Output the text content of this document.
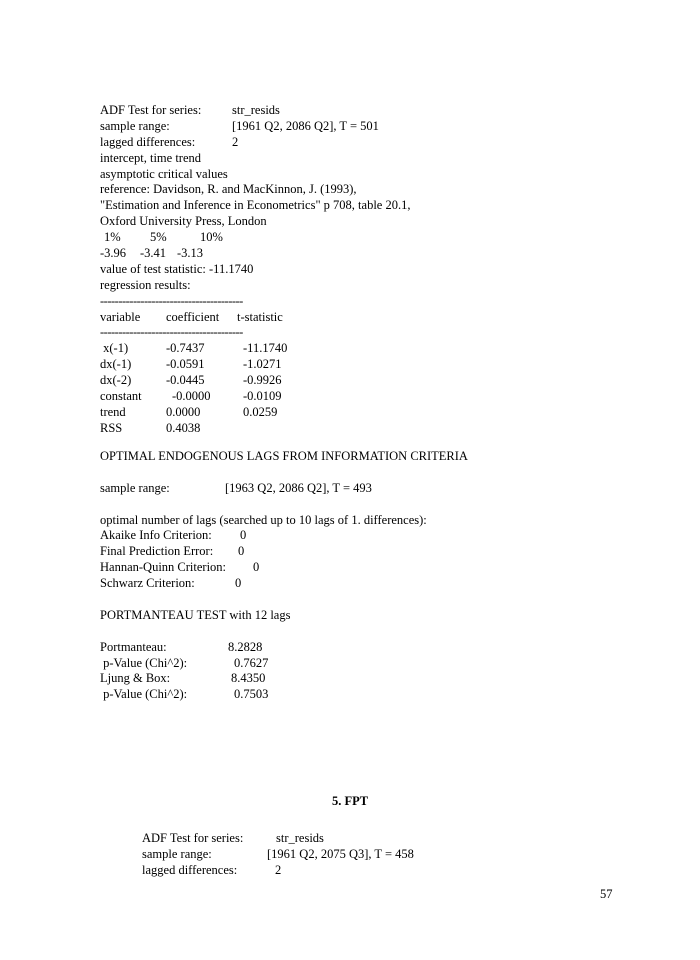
ADF Test for series: str_resids
sample range:	[1961 Q2, 2086 Q2], T = 501
lagged differences:	2
intercept, time trend
asymptotic critical values
reference: Davidson, R. and MacKinnon, J. (1993),
"Estimation and Inference in Econometrics" p 708, table 20.1,
Oxford University Press, London
1% 5%	10%
-3.96 -3.41 -3.13
value of test statistic: -11.1740
regression results:
---------------------------------------
variable coefficient t-statistic
---------------------------------------
x(-1)	-0.7437	-11.1740
dx(-1)	-0.0591	-1.0271
dx(-2)	-0.0445	-0.9926
constant -0.0000	-0.0109
trend	0.0000	0.0259
RSS	0.4038
OPTIMAL ENDOGENOUS LAGS FROM INFORMATION CRITERIA
sample range:	[1963 Q2, 2086 Q2], T = 493
optimal number of lags (searched up to 10 lags of 1. differences):
Akaike Info Criterion: 0
Final Prediction Error: 0
Hannan-Quinn Criterion: 0
Schwarz Criterion:	0
PORTMANTEAU TEST with 12 lags
Portmanteau:	8.2828
p-Value (Chi^2):	0.7627
Ljung & Box:	8.4350
p-Value (Chi^2):	0.7503
5. FPT
ADF Test for series:	str_resids
sample range:	[1961 Q2, 2075 Q3], T = 458
lagged differences:	2
57
